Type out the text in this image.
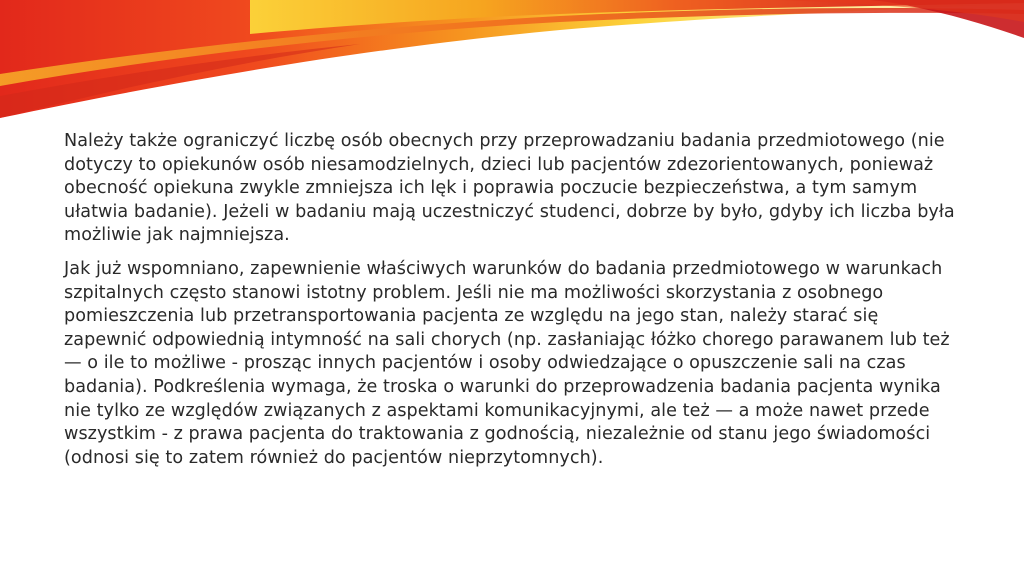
Należy także ograniczyć liczbę osób obecnych przy przeprowadzaniu badania przedmiotowego (nie dotyczy to opiekunów osób niesamodzielnych, dzieci lub pacjentów zdezorientowanych, ponieważ obecność opiekuna zwykle zmniejsza ich lęk i poprawia poczucie bezpieczeństwa, a tym samym ułatwia badanie). Jeżeli w badaniu mają uczestniczyć studenci, dobrze by było, gdyby ich liczba była możliwie jak najmniejsza.

Jak już wspomniano, zapewnienie właściwych warunków do badania przedmiotowego w warunkach szpitalnych często stanowi istotny problem. Jeśli nie ma możliwości skorzystania z osobnego pomieszczenia lub przetransportowania pacjenta ze względu na jego stan, należy starać się zapewnić odpowiednią intymność na sali chorych (np. zasłaniając łóżko chorego parawanem lub też — o ile to możliwe - prosząc innych pacjentów i osoby odwiedzające o opuszczenie sali na czas badania). Podkreślenia wymaga, że troska o warunki do przeprowadzenia badania pacjenta wynika nie tylko ze względów związanych z aspektami komunikacyjnymi, ale też — a może nawet przede wszystkim - z prawa pacjenta do traktowania z godnością, niezależnie od stanu jego świadomości (odnosi się to zatem również do pacjentów nieprzytomnych).
